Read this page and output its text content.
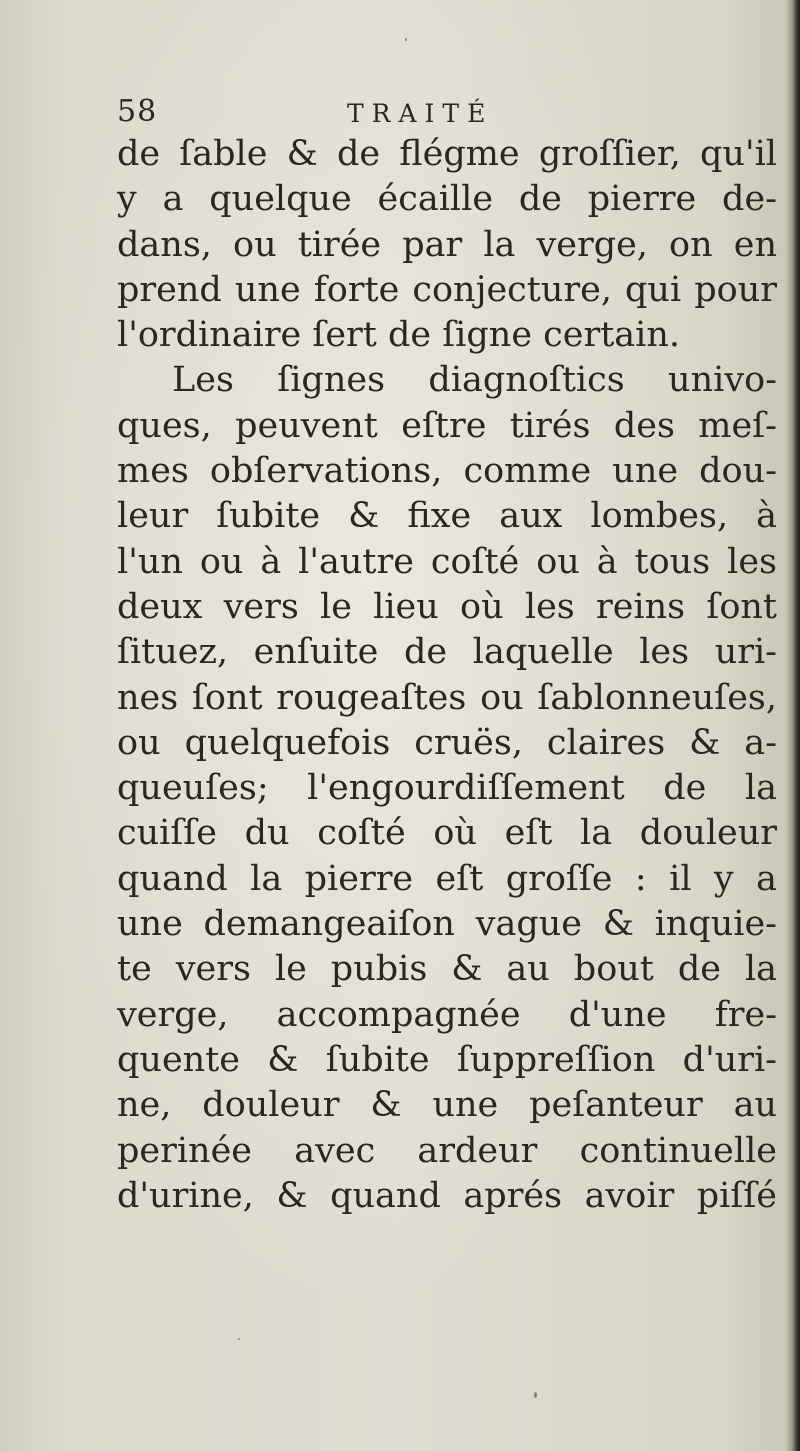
58	TRAITÉ
de ſable & de flégme groſſier, qu'il
y a quelque écaille de pierre de-
dans, ou tirée par la verge, on en
prend une forte conjecture, qui pour
l'ordinaire ſert de ſigne certain.
Les ſignes diagnoſtics univo-
ques, peuvent eſtre tirés des meſ-
mes obſervations, comme une dou-
leur ſubite & fixe aux lombes, à
l'un ou à l'autre coſté ou à tous les
deux vers le lieu où les reins ſont
ſituez, enſuite de laquelle les uri-
nes ſont rougeaſtes ou ſablonneuſes,
ou quelquefois cruës, claires & a-
queuſes; l'engourdiſſement de la
cuiſſe du coſté où eſt la douleur
quand la pierre eſt groſſe : il y a
une demangeaiſon vague & inquie-
te vers le pubis & au bout de la
verge, accompagnée d'une fre-
quente & ſubite ſuppreſſion d'uri-
ne, douleur & une peſanteur au
perinée avec ardeur continuelle
d'urine, & quand aprés avoir piſſé
